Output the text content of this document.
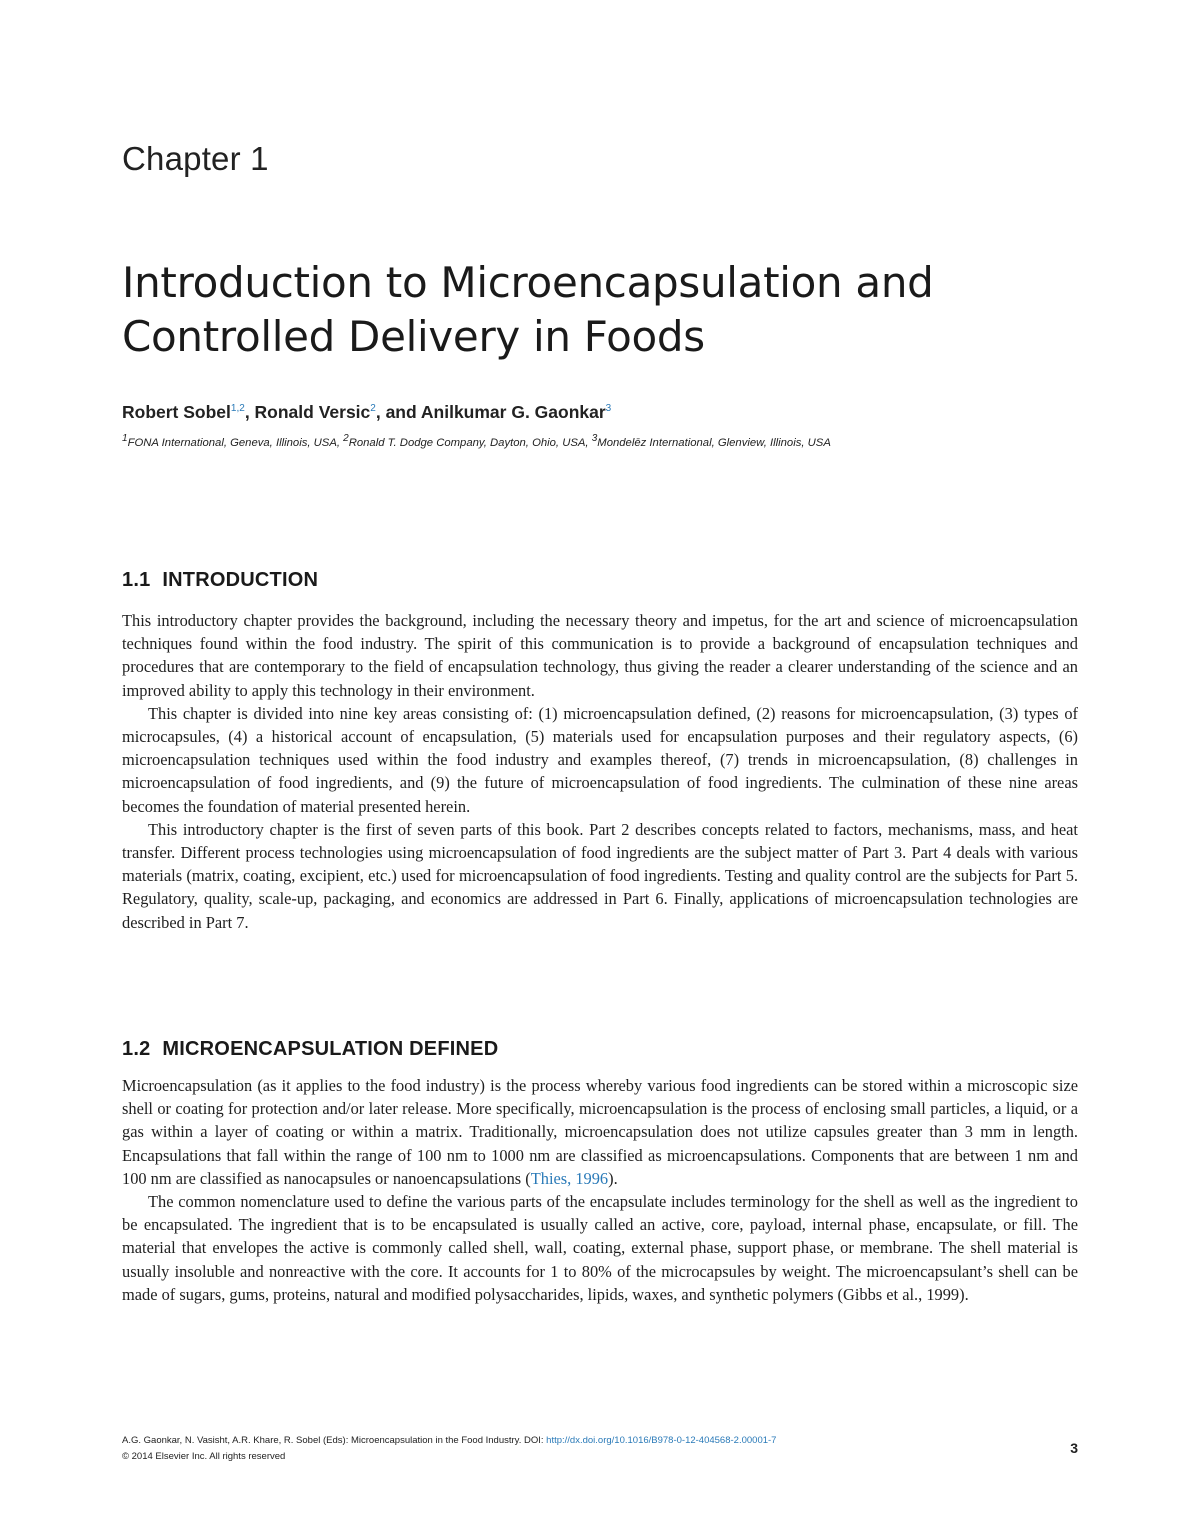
Chapter 1
Introduction to Microencapsulation and Controlled Delivery in Foods

Robert Sobel$^{1,2}$, Ronald Versic$^2$, and Anilkumar G. Gaonkar$^3$

$^1$FONA International, Geneva, Illinois, USA, $^2$Ronald T. Dodge Company, Dayton, Ohio, USA, $^3$Mondelēz International, Glenview, Illinois, USA

1.1 INTRODUCTION

This introductory chapter provides the background, including the necessary theory and impetus, for the art and science of microencapsulation techniques found within the food industry. The spirit of this communication is to provide a background of encapsulation techniques and procedures that are contemporary to the field of encapsulation technology, thus giving the reader a clearer understanding of the science and an improved ability to apply this technology in their environment.

This chapter is divided into nine key areas consisting of: (1) microencapsulation defined, (2) reasons for microencapsulation, (3) types of microcapsules, (4) a historical account of encapsulation, (5) materials used for encapsulation purposes and their regulatory aspects, (6) microencapsulation techniques used within the food industry and examples thereof, (7) trends in microencapsulation, (8) challenges in microencapsulation of food ingredients, and (9) the future of microencapsulation of food ingredients. The culmination of these nine areas becomes the foundation of material presented herein.

This introductory chapter is the first of seven parts of this book. Part 2 describes concepts related to factors, mechanisms, mass, and heat transfer. Different process technologies using microencapsulation of food ingredients are the subject matter of Part 3. Part 4 deals with various materials (matrix, coating, excipient, etc.) used for microencapsulation of food ingredients. Testing and quality control are the subjects for Part 5. Regulatory, quality, scale-up, packaging, and economics are addressed in Part 6. Finally, applications of microencapsulation technologies are described in Part 7.

1.2 MICROENCAPSULATION DEFINED

Microencapsulation (as it applies to the food industry) is the process whereby various food ingredients can be stored within a microscopic size shell or coating for protection and/or later release. More specifically, microencapsulation is the process of enclosing small particles, a liquid, or a gas within a layer of coating or within a matrix. Traditionally, microencapsulation does not utilize capsules greater than 3 mm in length. Encapsulations that fall within the range of 100 nm to 1000 nm are classified as microencapsulations. Components that are between 1 nm and 100 nm are classified as nanocapsules or nanoencapsulations (Thies, 1996).

The common nomenclature used to define the various parts of the encapsulate includes terminology for the shell as well as the ingredient to be encapsulated. The ingredient that is to be encapsulated is usually called an active, core, payload, internal phase, encapsulate, or fill. The material that envelopes the active is commonly called shell, wall, coating, external phase, support phase, or membrane. The shell material is usually insoluble and nonreactive with the core. It accounts for 1 to 80% of the microcapsules by weight. The microencapsulant’s shell can be made of sugars, gums, proteins, natural and modified polysaccharides, lipids, waxes, and synthetic polymers (Gibbs et al., 1999).

A.G. Gaonkar, N. Vasisht, A.R. Khare, R. Sobel (Eds): Microencapsulation in the Food Industry. DOI: http://dx.doi.org/10.1016/B978-0-12-404568-2.00001-7
© 2014 Elsevier Inc. All rights reserved
3
